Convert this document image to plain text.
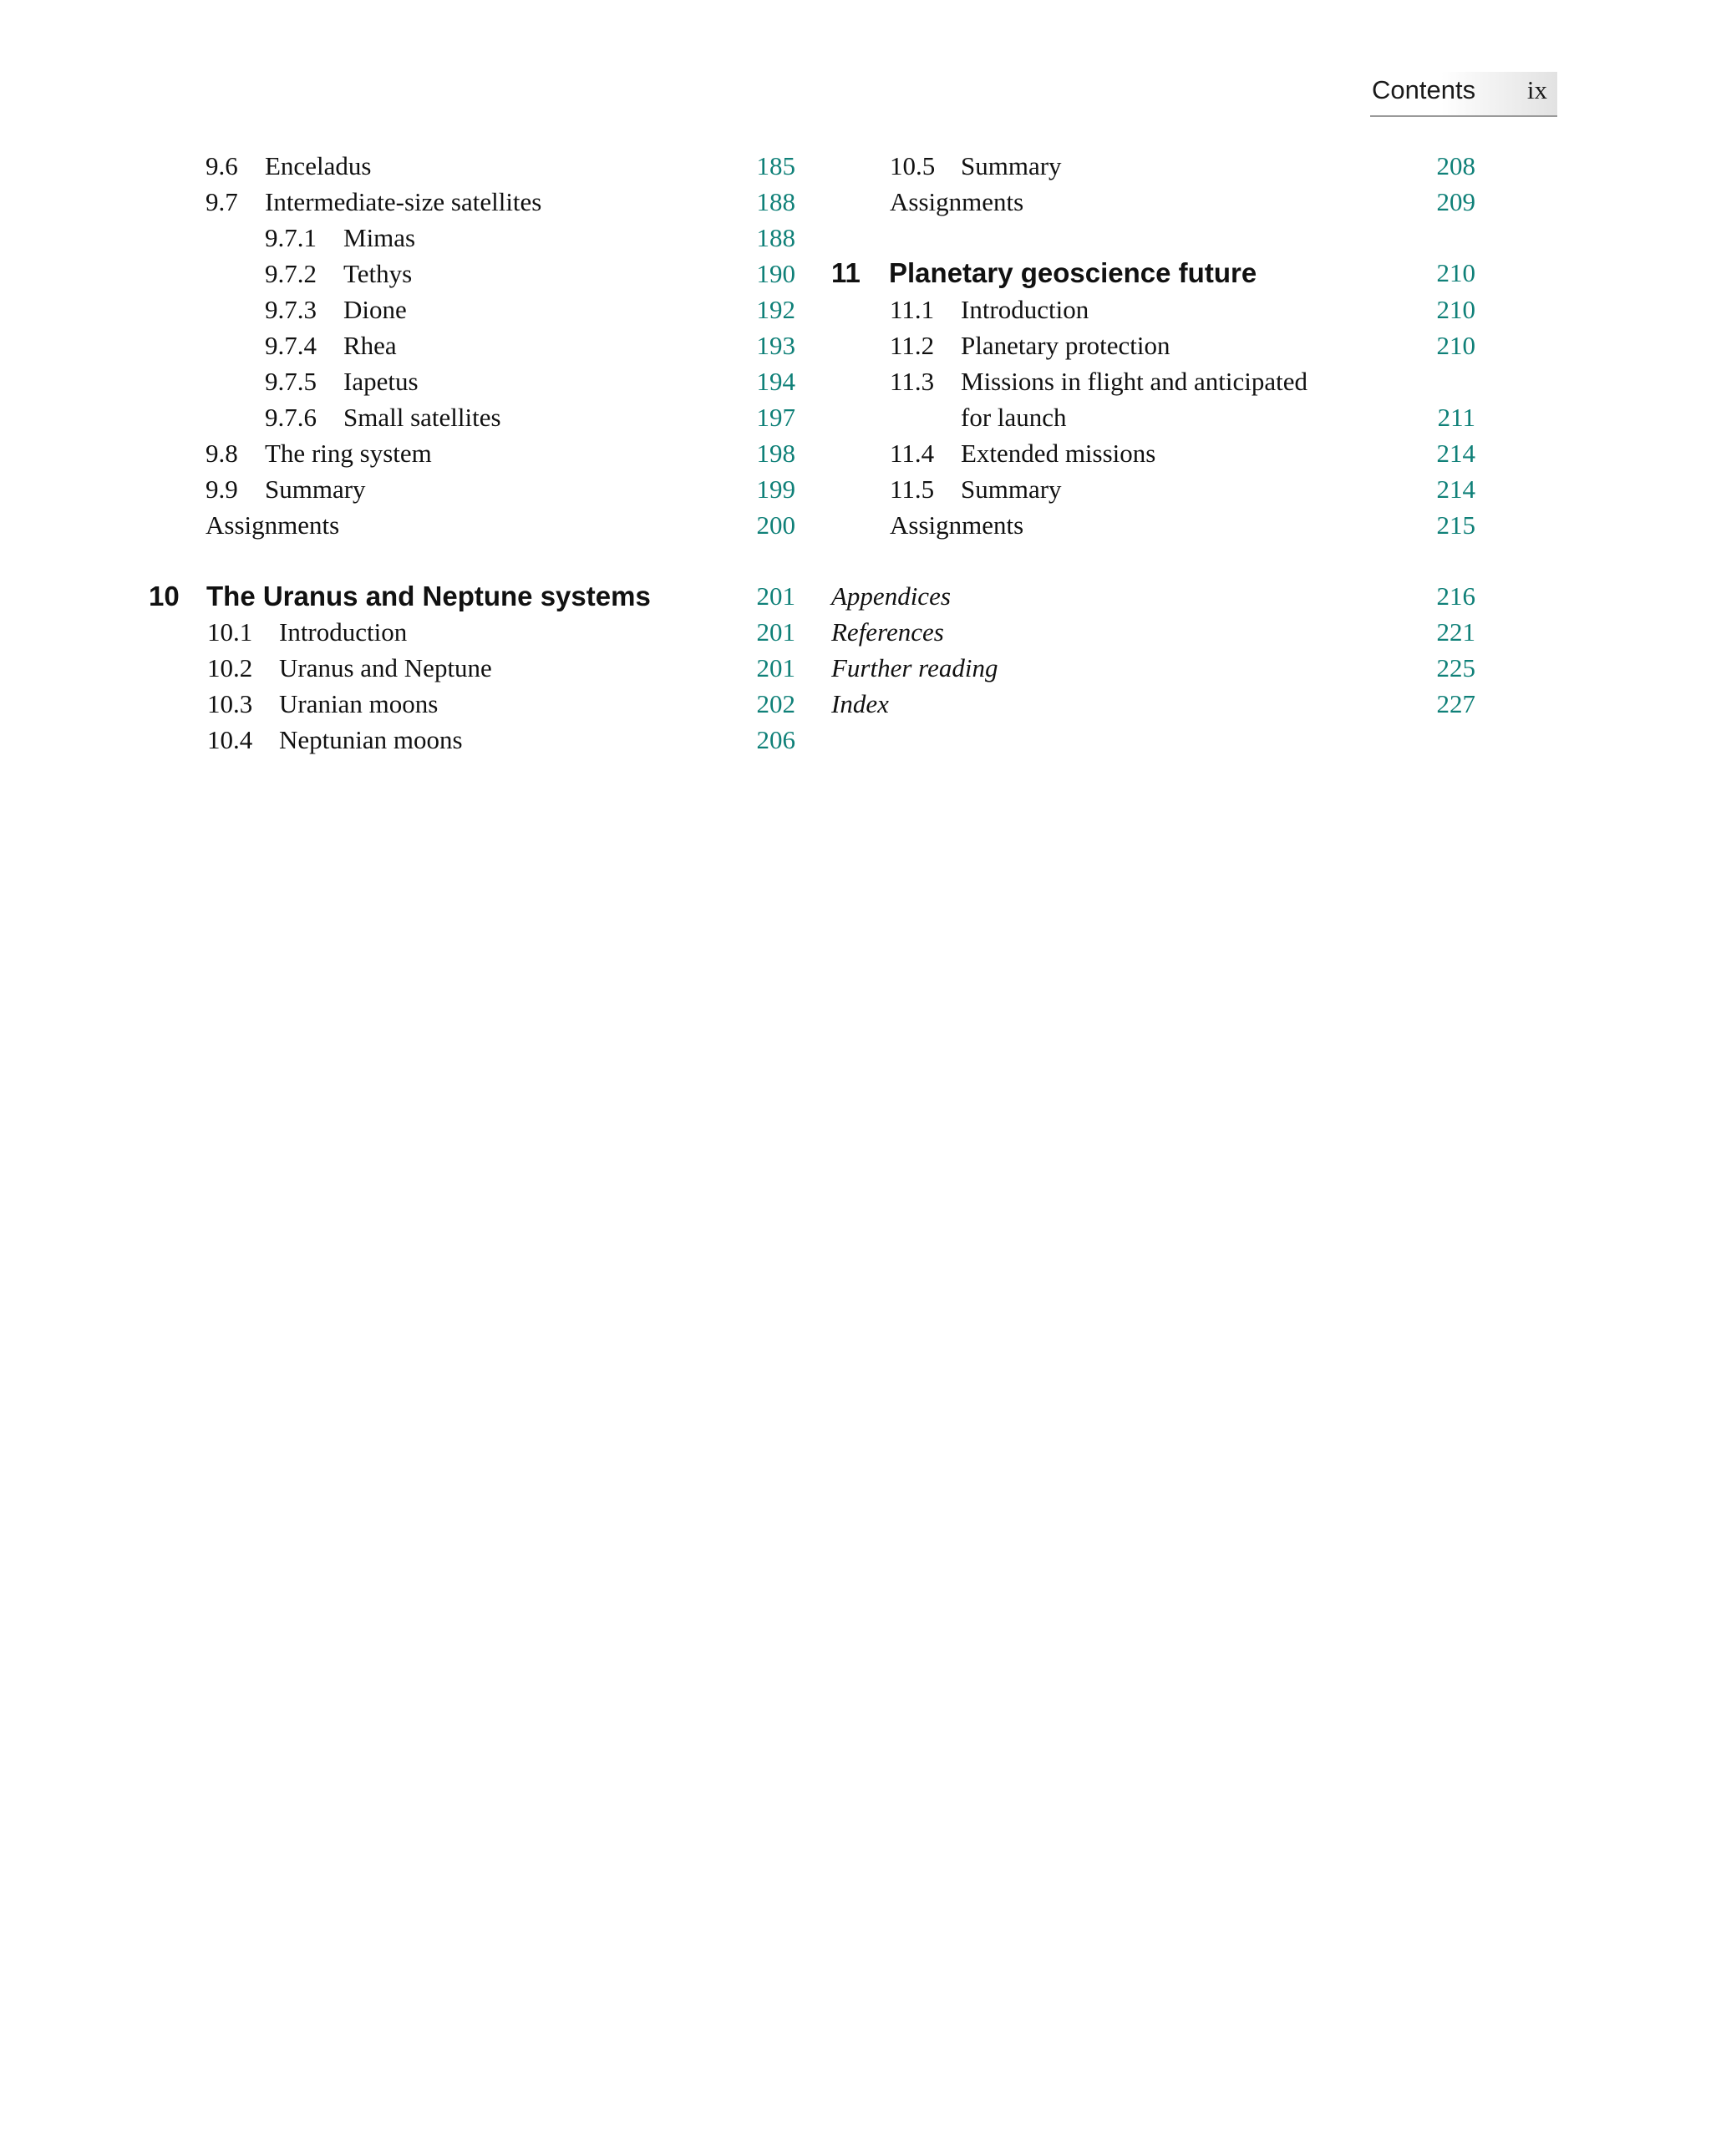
Contents ix
9.6 Enceladus	185
9.7 Intermediate-size satellites	188
9.7.1 Mimas	188
9.7.2 Tethys	190
9.7.3 Dione	192
9.7.4 Rhea	193
9.7.5 Iapetus	194
9.7.6 Small satellites	197
9.8 The ring system	198
9.9 Summary	199
Assignments	200
10 The Uranus and Neptune systems	201
10.1 Introduction	201
10.2 Uranus and Neptune	201
10.3 Uranian moons	202
10.4 Neptunian moons	206
10.5 Summary	208
Assignments	209
11 Planetary geoscience future	210
11.1 Introduction	210
11.2 Planetary protection	210
11.3 Missions in flight and anticipated
for launch	211
11.4 Extended missions	214
11.5 Summary	214
Assignments	215
Appendices	216
References	221
Further reading	225
Index	227
